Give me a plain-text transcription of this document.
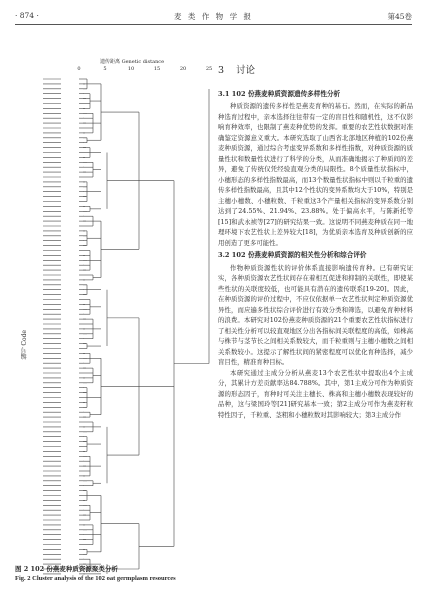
· 874 ·	麦 类 作 物 学 报	第45卷
遗传距离 Genetic distance
0	5	10	15	20	25
编号 Code
图 2 102 份燕麦种质资源聚类分析
Fig. 2 Cluster analysis of the 102 oat germplasm resources
3 讨论
3.1 102 份燕麦种质资源遗传多样性分析

种质资源的遗传多样性是燕麦育种的基石。然而，在实际的新品种选育过程中，亲本选择往往带有一定的盲目性和随机性，这不仅影响育种效率，也限制了燕麦种优势的发挥。重要的农艺性状数据对准确鉴定资源意义重大。本研究选取了山西省北部地区种植的102份燕麦种质资源，通过综合考虑变异系数和多样性指数，对种质资源的质量性状和数量性状进行了科学的分类，从而准确地揭示了种质间的差异，避免了传统仅凭经验直观分类的局限性。8个质量性状指标中，小穗形态的多样性指数最高，而13个数量性状指标中则以千粒重的遗传多样性指数最高，且其中12个性状的变异系数均大于10%，特别是主穗小穗数、小穗粒数、千粒重这3个产量相关指标的变异系数分别达到了24.55%、21.94%、23.88%。处于偏高水平，与陈新托等[15]和武永祯等[27]的研究结果一致。这说明不同燕麦种质在同一地理环境下农艺性状上差异较大[18]，为优质亲本选育及种质创新的应用创造了更多可能性。

3.2 102 份燕麦种质资源的相关性分析和综合评价

作物种质资源性状的评价体系直接影响遗传育种。已有研究证实，各种质资源农艺性状间存在着相互促进和抑制的关联性，即使某些性状的关联度较低，也可能具有潜在的遗传联系[19-20]。因此，在种质资源的评价过程中，不应仅依据单一农艺性状判定种质资源优异性，而应遍多性状综合评价进行有效分类和筛选，以避免育种材料的浪费。本研究对102份燕麦种质资源的21个重要农艺性状指标进行了相关性分析可以较直观地区分出各指标间关联程度的高低，如株高与株节与茎节长之间相关系数较大，而千粒重则与主穗小穗数之间相关系数较小。这提示了解性状间的紧密程度可以优化育种选择，减少盲目性，精准育种目标。

本研究通过主成分分析从燕麦13个农艺性状中提取出4个主成分，其累计方差贡献率达84.788%。其中，第1主成分可作为种质资源的形态因子，育种时可关注主穗长、株高和主穗小穗数表现较好的品种，这与梁国玲等[21]研究基本一致；第2主成分可作为燕麦籽粒特性因子，千粒重、茎粗和小穗粒数对其影响较大；第3主成分作
